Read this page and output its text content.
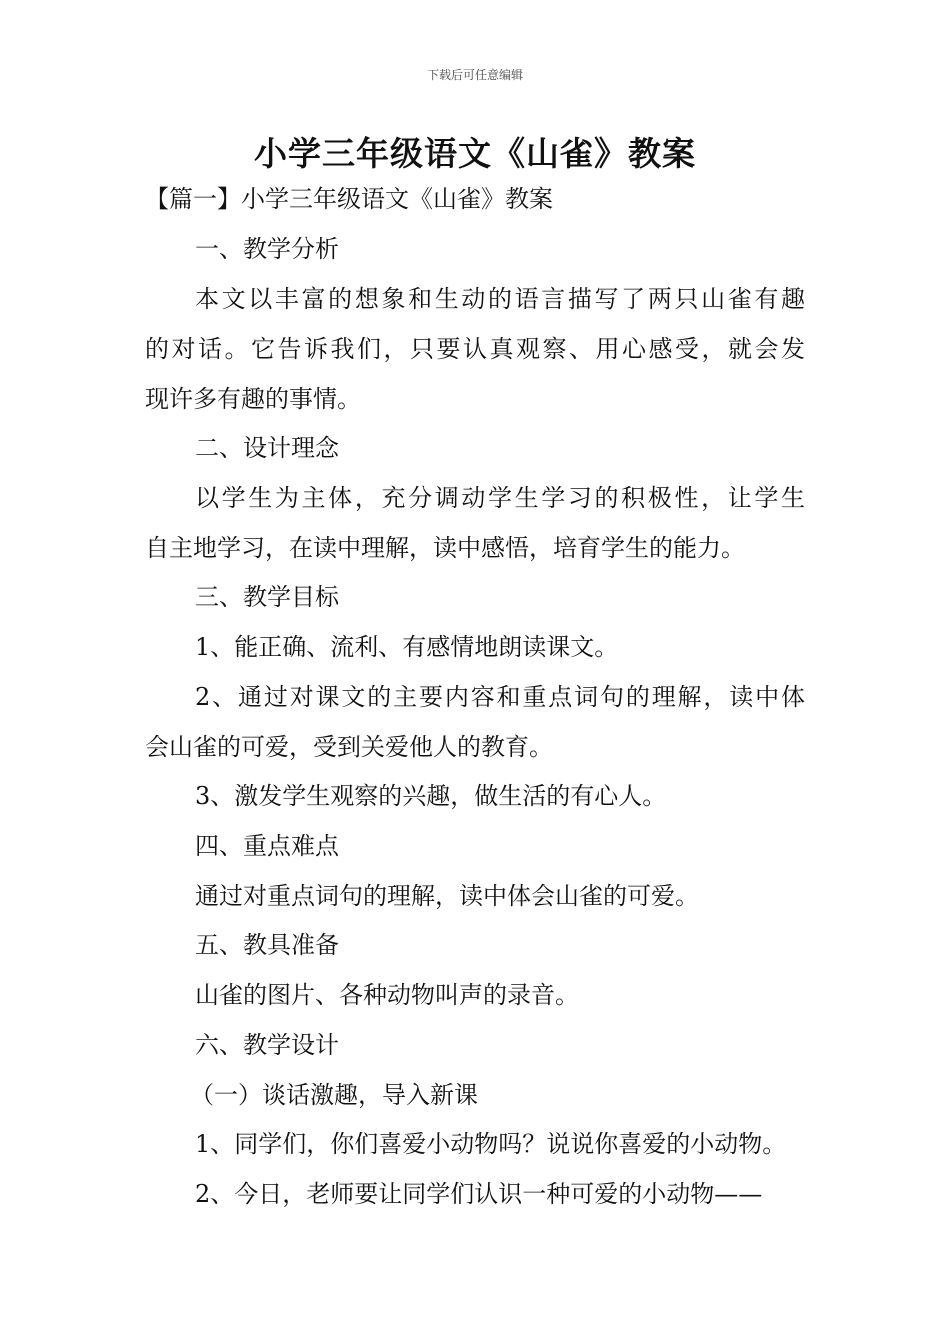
下载后可任意编辑
小学三年级语文《山雀》教案
【篇一】小学三年级语文《山雀》教案
一、教学分析
本文以丰富的想象和生动的语言描写了两只山雀有趣
的对话。它告诉我们，只要认真观察、用心感受，就会发
现许多有趣的事情。
二、设计理念
以学生为主体，充分调动学生学习的积极性，让学生
自主地学习，在读中理解，读中感悟，培育学生的能力。
三、教学目标
1、能正确、流利、有感情地朗读课文。
2、通过对课文的主要内容和重点词句的理解，读中体
会山雀的可爱，受到关爱他人的教育。
3、激发学生观察的兴趣，做生活的有心人。
四、重点难点
通过对重点词句的理解，读中体会山雀的可爱。
五、教具准备
山雀的图片、各种动物叫声的录音。
六、教学设计
（一）谈话激趣，导入新课
1、同学们，你们喜爱小动物吗？说说你喜爱的小动物。
2、今日，老师要让同学们认识一种可爱的小动物——
